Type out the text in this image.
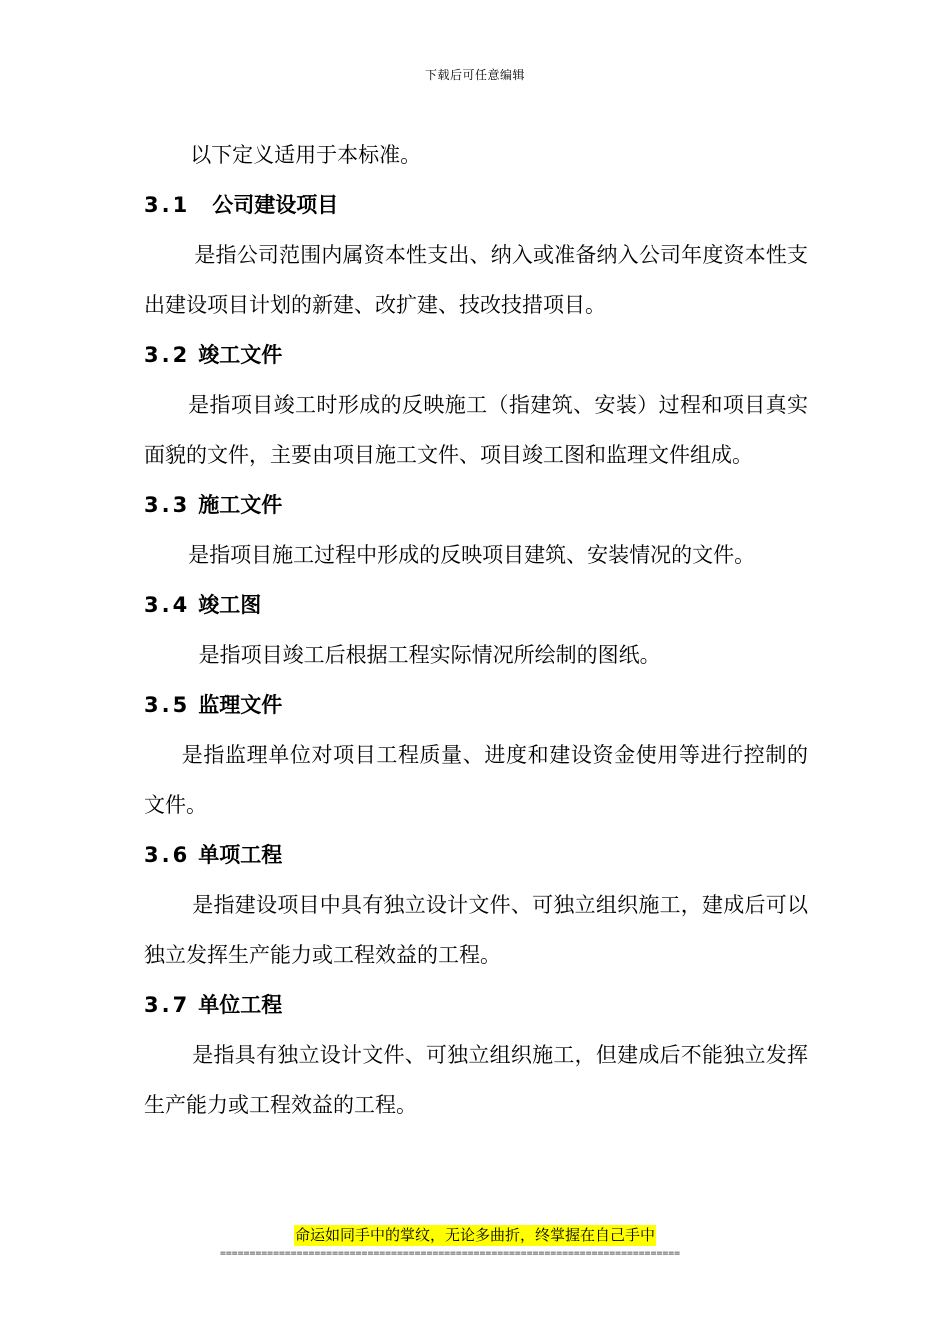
下载后可任意编辑

以下定义适用于本标准。

3.1 公司建设项目

是指公司范围内属资本性支出、纳入或准备纳入公司年度资本性支出建设项目计划的新建、改扩建、技改技措项目。

3.2 竣工文件

是指项目竣工时形成的反映施工（指建筑、安装）过程和项目真实面貌的文件，主要由项目施工文件、项目竣工图和监理文件组成。

3.3 施工文件

是指项目施工过程中形成的反映项目建筑、安装情况的文件。

3.4 竣工图

是指项目竣工后根据工程实际情况所绘制的图纸。

3.5 监理文件

是指监理单位对项目工程质量、进度和建设资金使用等进行控制的文件。

3.6 单项工程

是指建设项目中具有独立设计文件、可独立组织施工，建成后可以独立发挥生产能力或工程效益的工程。

3.7 单位工程

是指具有独立设计文件、可独立组织施工，但建成后不能独立发挥生产能力或工程效益的工程。

命运如同手中的掌纹，无论多曲折，终掌握在自己手中
==============================================================================
